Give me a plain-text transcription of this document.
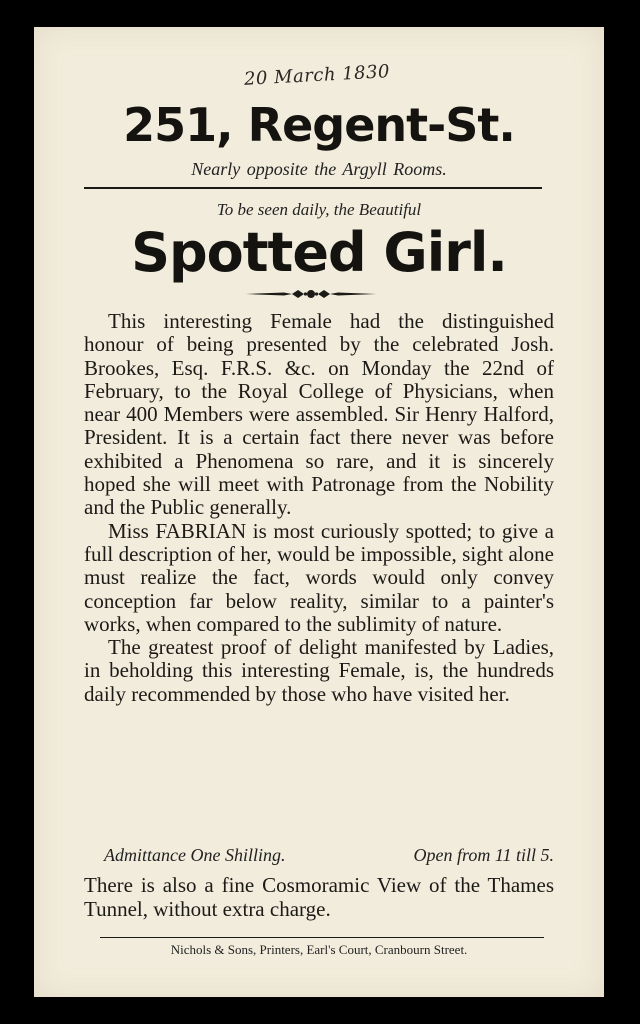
20 March 1830
251, Regent-St.
Nearly opposite the Argyll Rooms.
To be seen daily, the Beautiful
Spotted Girl.

This interesting Female had the distinguished honour of being presented by the celebrated Josh. Brookes, Esq. F.R.S. &c. on Monday the 22nd of February, to the Royal College of Physicians, when near 400 Members were assembled. Sir Henry Halford, President. It is a certain fact there never was before exhibited a Phenomena so rare, and it is sincerely hoped she will meet with Patronage from the Nobility and the Public generally.

Miss FABRIAN is most curiously spotted; to give a full description of her, would be impossible, sight alone must realize the fact, words would only convey conception far below reality, similar to a painter's works, when compared to the sublimity of nature.

The greatest proof of delight manifested by Ladies, in beholding this interesting Female, is, the hundreds daily recommended by those who have visited her.

Admittance One Shilling.	Open from 11 till 5.
There is also a fine Cosmoramic View of the Thames Tunnel, without extra charge.
Nichols & Sons, Printers, Earl's Court, Cranbourn Street.
